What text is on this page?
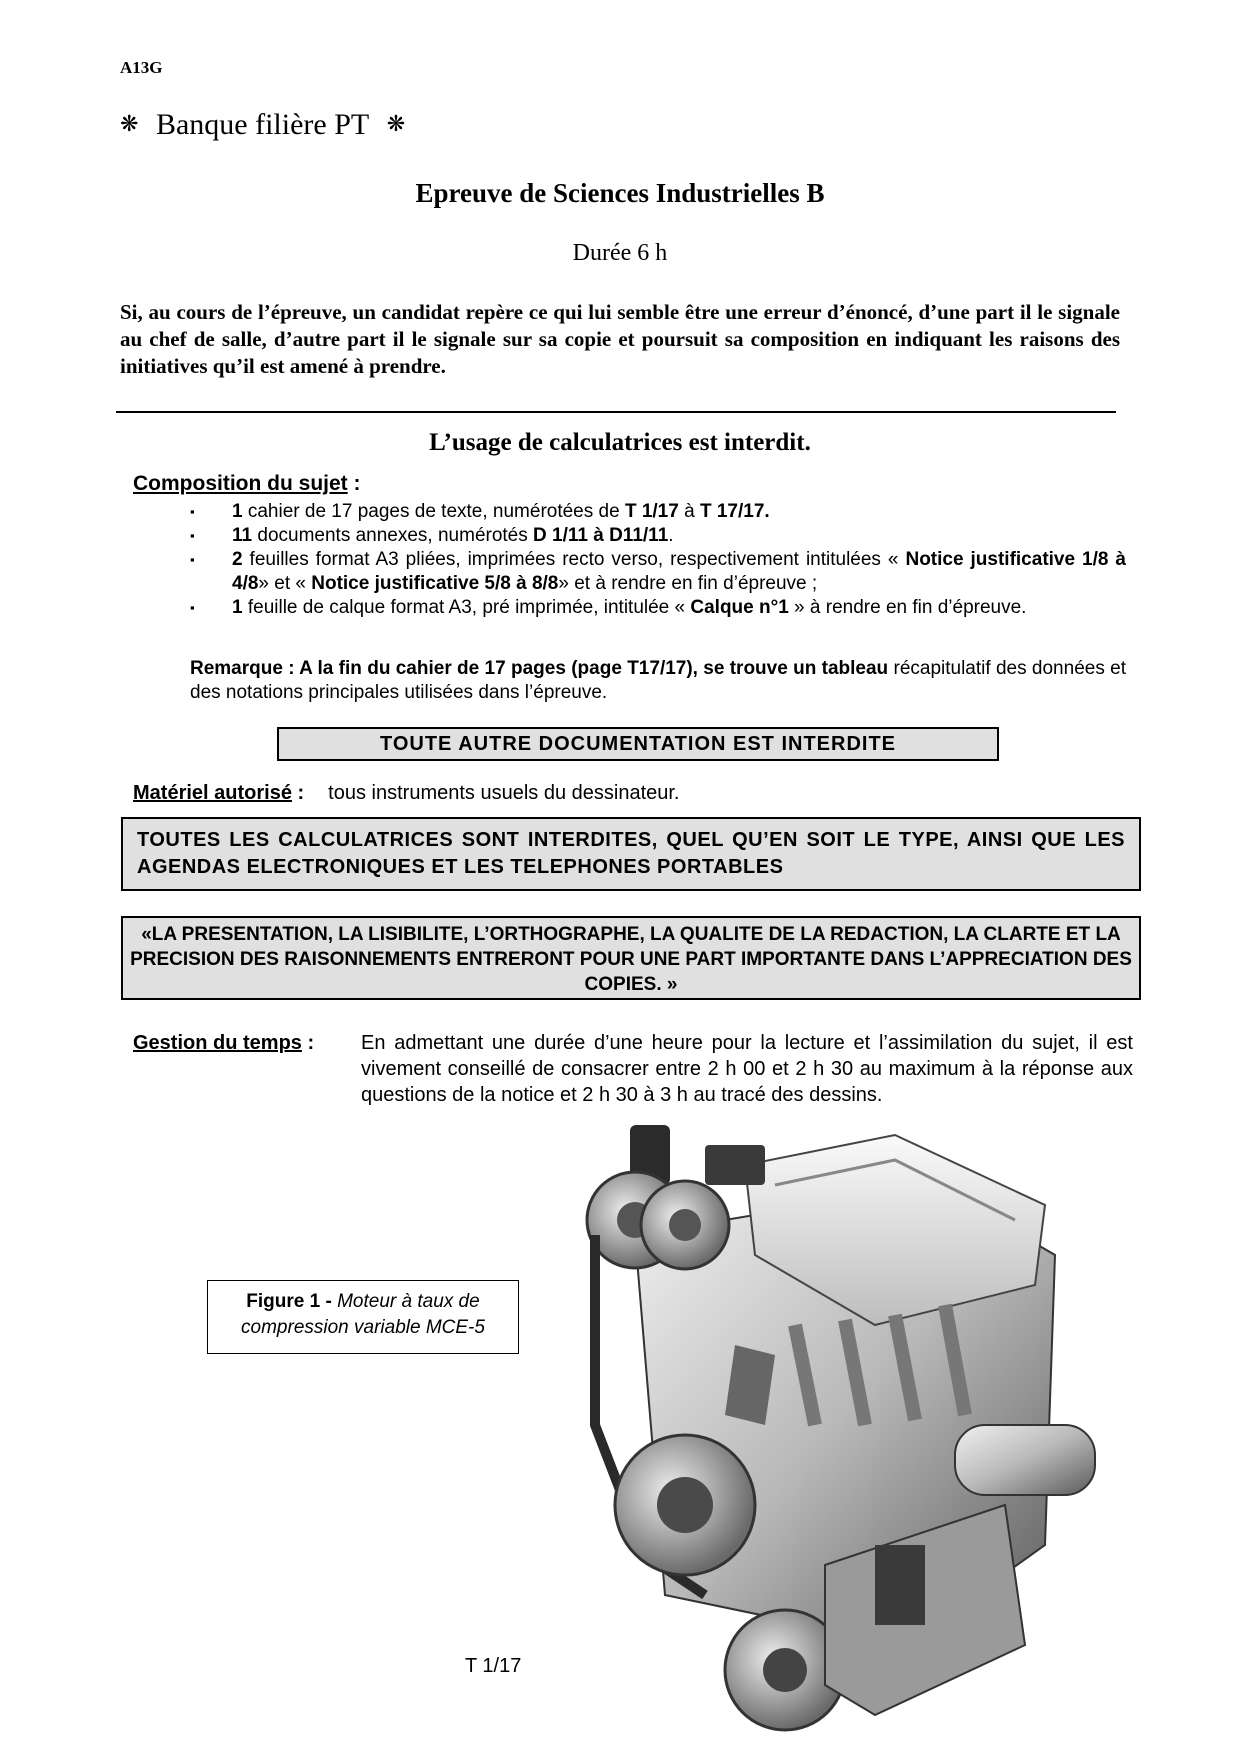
A13G
❋ Banque filière PT ❋
Epreuve de Sciences Industrielles B
Durée 6 h
Si, au cours de l’épreuve, un candidat repère ce qui lui semble être une erreur d’énoncé, d’une part il le signale au chef de salle, d’autre part il le signale sur sa copie et poursuit sa composition en indiquant les raisons des initiatives qu’il est amené à prendre.
L’usage de calculatrices est interdit.
Composition du sujet :
▪ 1 cahier de 17 pages de texte, numérotées de T 1/17 à T 17/17.
▪ 11 documents annexes, numérotés D 1/11 à D11/11.
▪ 2 feuilles format A3 pliées, imprimées recto verso, respectivement intitulées « Notice justificative 1/8 à 4/8» et « Notice justificative 5/8 à 8/8» et à rendre en fin d’épreuve ;
▪ 1 feuille de calque format A3, pré imprimée, intitulée « Calque n°1 » à rendre en fin d’épreuve.
Remarque : A la fin du cahier de 17 pages (page T17/17), se trouve un tableau récapitulatif des données et des notations principales utilisées dans l’épreuve.
TOUTE AUTRE DOCUMENTATION EST INTERDITE
Matériel autorisé : tous instruments usuels du dessinateur.
TOUTES LES CALCULATRICES SONT INTERDITES, QUEL QU’EN SOIT LE TYPE, AINSI QUE LES AGENDAS ELECTRONIQUES ET LES TELEPHONES PORTABLES
«LA PRESENTATION, LA LISIBILITE, L’ORTHOGRAPHE, LA QUALITE DE LA REDACTION, LA CLARTE ET LA PRECISION DES RAISONNEMENTS ENTRERONT POUR UNE PART IMPORTANTE DANS L’APPRECIATION DES COPIES. »
Gestion du temps : En admettant une durée d’une heure pour la lecture et l’assimilation du sujet, il est vivement conseillé de consacrer entre 2 h 00 et 2 h 30 au maximum à la réponse aux questions de la notice et 2 h 30 à 3 h au tracé des dessins.
Figure 1 - Moteur à taux de compression variable MCE-5
T 1/17
